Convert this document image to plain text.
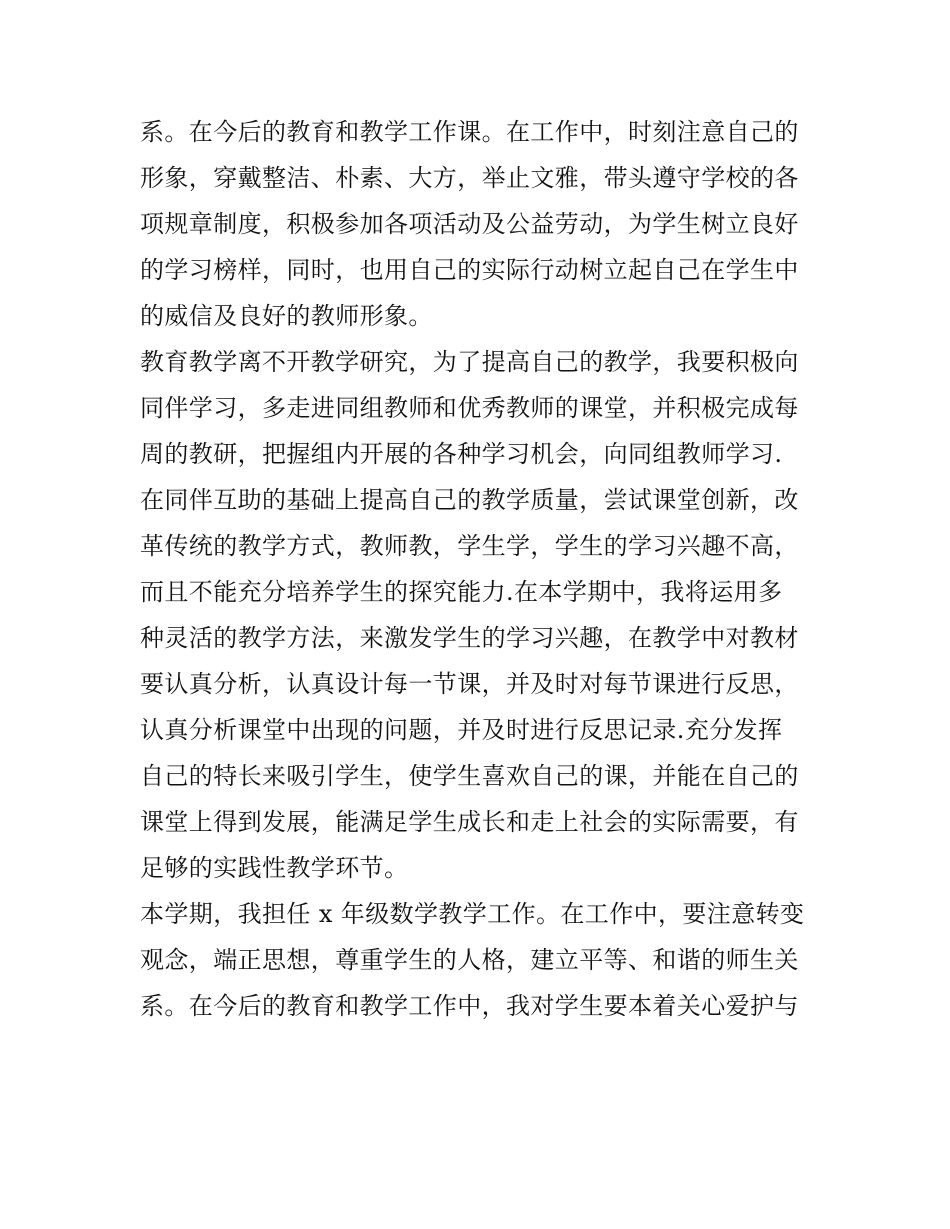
系。在今后的教育和教学工作课。在工作中，时刻注意自己的
形象，穿戴整洁、朴素、大方，举止文雅，带头遵守学校的各
项规章制度，积极参加各项活动及公益劳动，为学生树立良好
的学习榜样，同时，也用自己的实际行动树立起自己在学生中
的威信及良好的教师形象。
教育教学离不开教学研究，为了提高自己的教学，我要积极向
同伴学习，多走进同组教师和优秀教师的课堂，并积极完成每
周的教研，把握组内开展的各种学习机会，向同组教师学习.
在同伴互助的基础上提高自己的教学质量，尝试课堂创新，改
革传统的教学方式，教师教，学生学，学生的学习兴趣不高，
而且不能充分培养学生的探究能力.在本学期中，我将运用多
种灵活的教学方法，来激发学生的学习兴趣，在教学中对教材
要认真分析，认真设计每一节课，并及时对每节课进行反思，
认真分析课堂中出现的问题，并及时进行反思记录.充分发挥
自己的特长来吸引学生，使学生喜欢自己的课，并能在自己的
课堂上得到发展，能满足学生成长和走上社会的实际需要，有
足够的实践性教学环节。
本学期，我担任 x 年级数学教学工作。在工作中，要注意转变
观念，端正思想，尊重学生的人格，建立平等、和谐的师生关
系。在今后的教育和教学工作中，我对学生要本着关心爱护与
